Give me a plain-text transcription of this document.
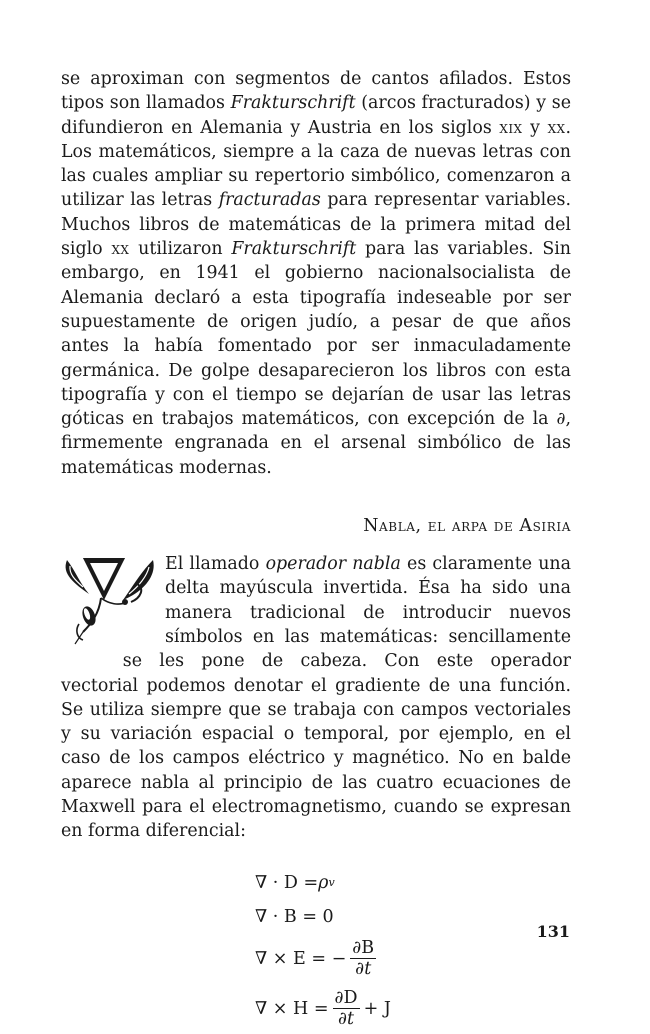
se aproximan con segmentos de cantos afilados. Estos tipos son llamados Frakturschrift (arcos fracturados) y se difundieron en Alemania y Austria en los siglos xix y xx. Los matemáticos, siempre a la caza de nuevas letras con las cuales ampliar su repertorio simbólico, comenzaron a utilizar las letras fracturadas para representar variables. Muchos libros de matemáticas de la primera mitad del siglo xx utilizaron Frakturschrift para las variables. Sin embargo, en 1941 el gobierno nacionalsocialista de Alemania declaró a esta tipografía indeseable por ser supuestamente de origen judío, a pesar de que años antes la había fomentado por ser inmaculadamente germánica. De golpe desaparecieron los libros con esta tipografía y con el tiempo se dejarían de usar las letras góticas en trabajos matemáticos, con excepción de la ∂, firmemente engranada en el arsenal simbólico de las matemáticas modernas.

Nabla, el arpa de Asiria

El llamado operador nabla es claramente una delta mayúscula invertida. Ésa ha sido una manera tradicional de introducir nuevos símbolos en las matemáticas: sencillamente se les pone de cabeza. Con este operador vectorial podemos denotar el gradiente de una función. Se utiliza siempre que se trabaja con campos vectoriales y su variación espacial o temporal, por ejemplo, en el caso de los campos eléctrico y magnético. No en balde aparece nabla al principio de las cuatro ecuaciones de Maxwell para el electromagnetismo, cuando se expresan en forma diferencial:

∇ · D = ρ v
∇ · B = 0
∇ × E = − $\frac{\partial B}{\partial t}$
∇ × $H = \frac{\partial D}{\partial t} + J$
131
